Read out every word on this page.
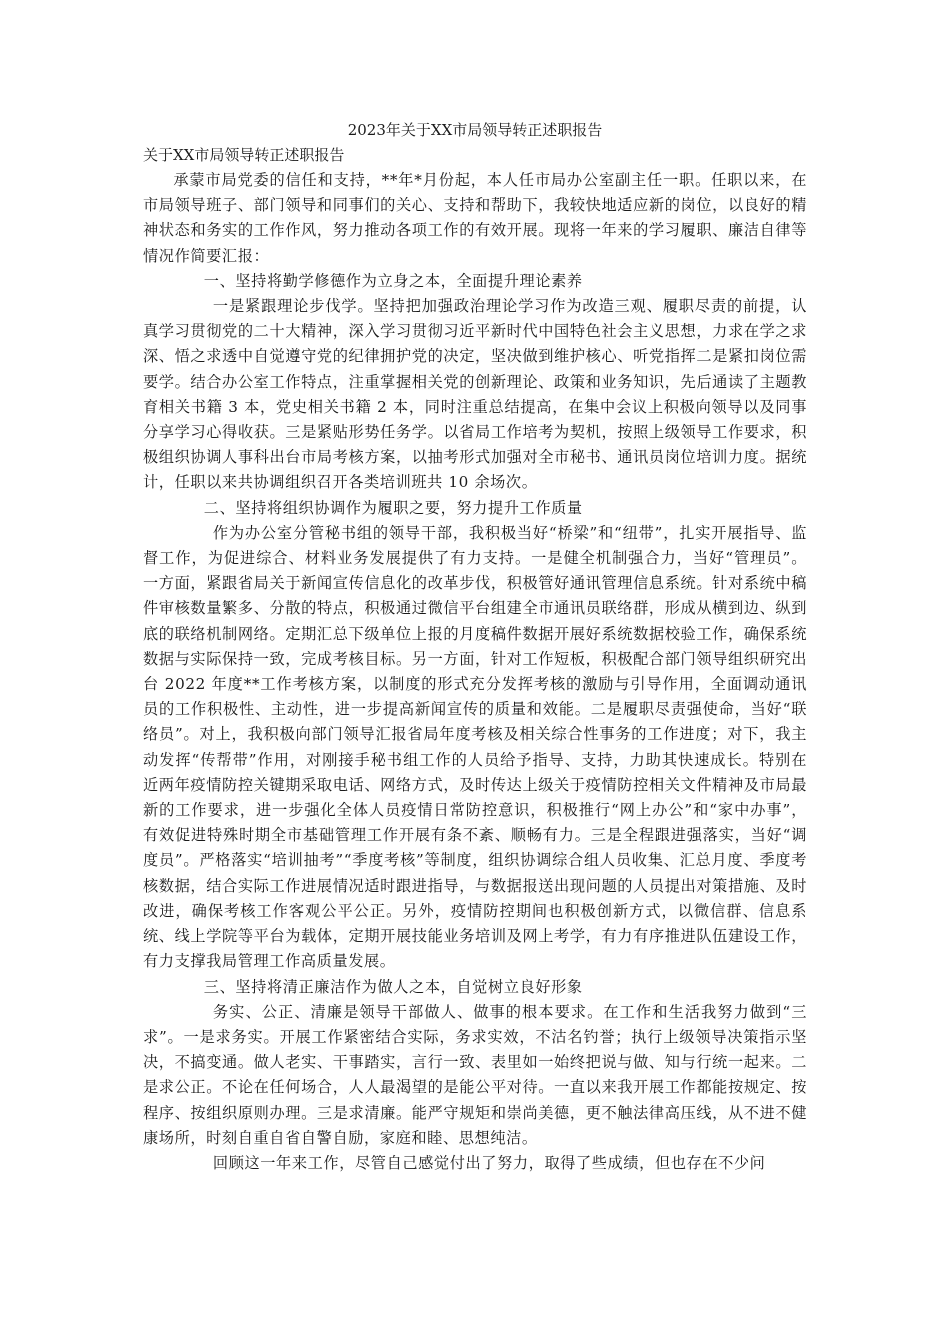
2023年关于XX市局领导转正述职报告

关于XX市局领导转正述职报告

承蒙市局党委的信任和支持，**年*月份起，本人任市局办公室副主任一职。任职以来，在市局领导班子、部门领导和同事们的关心、支持和帮助下，我较快地适应新的岗位，以良好的精神状态和务实的工作作风，努力推动各项工作的有效开展。现将一年来的学习履职、廉洁自律等情况作简要汇报：

一、坚持将勤学修德作为立身之本，全面提升理论素养

一是紧跟理论步伐学。坚持把加强政治理论学习作为改造三观、履职尽责的前提，认真学习贯彻党的二十大精神，深入学习贯彻习近平新时代中国特色社会主义思想，力求在学之求深、悟之求透中自觉遵守党的纪律拥护党的决定，坚决做到维护核心、听党指挥二是紧扣岗位需要学。结合办公室工作特点，注重掌握相关党的创新理论、政策和业务知识，先后通读了主题教育相关书籍 3 本，党史相关书籍 2 本，同时注重总结提高，在集中会议上积极向领导以及同事分享学习心得收获。三是紧贴形势任务学。以省局工作培考为契机，按照上级领导工作要求，积极组织协调人事科出台市局考核方案，以抽考形式加强对全市秘书、通讯员岗位培训力度。据统计，任职以来共协调组织召开各类培训班共 10 余场次。

二、坚持将组织协调作为履职之要，努力提升工作质量

作为办公室分管秘书组的领导干部，我积极当好“桥梁”和“纽带”，扎实开展指导、监督工作，为促进综合、材料业务发展提供了有力支持。一是健全机制强合力，当好“管理员”。一方面，紧跟省局关于新闻宣传信息化的改革步伐，积极管好通讯管理信息系统。针对系统中稿件审核数量繁多、分散的特点，积极通过微信平台组建全市通讯员联络群，形成从横到边、纵到底的联络机制网络。定期汇总下级单位上报的月度稿件数据开展好系统数据校验工作，确保系统数据与实际保持一致，完成考核目标。另一方面，针对工作短板，积极配合部门领导组织研究出台 2022 年度**工作考核方案，以制度的形式充分发挥考核的激励与引导作用，全面调动通讯员的工作积极性、主动性，进一步提高新闻宣传的质量和效能。二是履职尽责强使命，当好“联络员”。对上，我积极向部门领导汇报省局年度考核及相关综合性事务的工作进度；对下，我主动发挥“传帮带”作用，对刚接手秘书组工作的人员给予指导、支持，力助其快速成长。特别在近两年疫情防控关键期采取电话、网络方式，及时传达上级关于疫情防控相关文件精神及市局最新的工作要求，进一步强化全体人员疫情日常防控意识，积极推行“网上办公”和“家中办事”，有效促进特殊时期全市基础管理工作开展有条不紊、顺畅有力。三是全程跟进强落实，当好“调度员”。严格落实“培训抽考”“季度考核”等制度，组织协调综合组人员收集、汇总月度、季度考核数据，结合实际工作进展情况适时跟进指导，与数据报送出现问题的人员提出对策措施、及时改进，确保考核工作客观公平公正。另外，疫情防控期间也积极创新方式，以微信群、信息系统、线上学院等平台为载体，定期开展技能业务培训及网上考学，有力有序推进队伍建设工作，有力支撑我局管理工作高质量发展。

三、坚持将清正廉洁作为做人之本，自觉树立良好形象

务实、公正、清廉是领导干部做人、做事的根本要求。在工作和生活我努力做到“三求”。一是求务实。开展工作紧密结合实际，务求实效，不沽名钓誉；执行上级领导决策指示坚决，不搞变通。做人老实、干事踏实，言行一致、表里如一始终把说与做、知与行统一起来。二是求公正。不论在任何场合，人人最渴望的是能公平对待。一直以来我开展工作都能按规定、按程序、按组织原则办理。三是求清廉。能严守规矩和崇尚美德，更不触法律高压线，从不进不健康场所，时刻自重自省自警自励，家庭和睦、思想纯洁。

回顾这一年来工作，尽管自己感觉付出了努力，取得了些成绩，但也存在不少问
